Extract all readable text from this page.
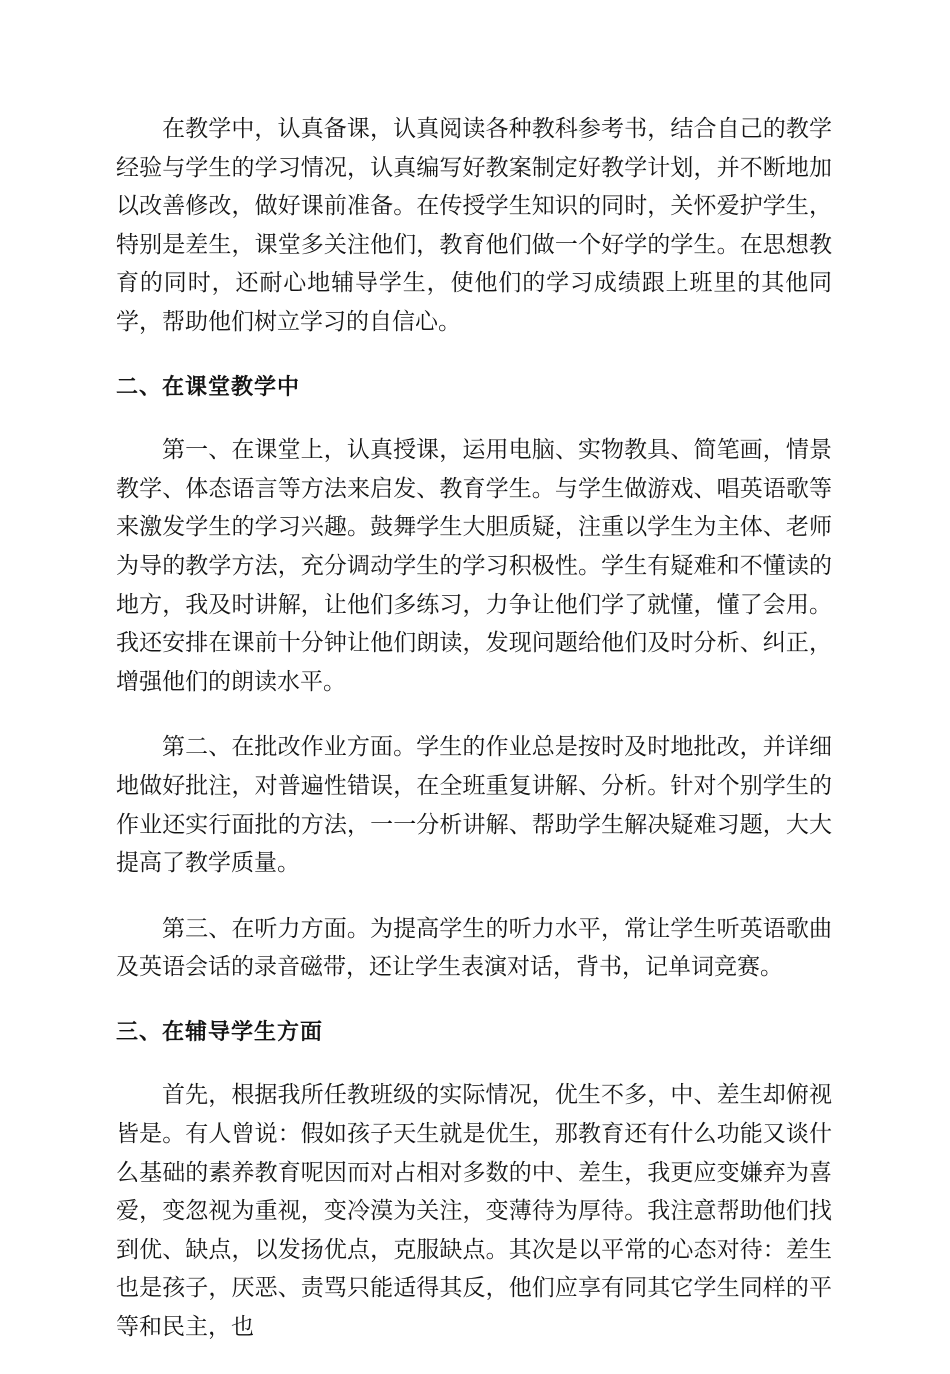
在教学中，认真备课，认真阅读各种教科参考书，结合自己的教学经验与学生的学习情况，认真编写好教案制定好教学计划，并不断地加以改善修改，做好课前准备。在传授学生知识的同时，关怀爱护学生，特别是差生，课堂多关注他们，教育他们做一个好学的学生。在思想教育的同时，还耐心地辅导学生，使他们的学习成绩跟上班里的其他同学，帮助他们树立学习的自信心。

二、在课堂教学中

第一、在课堂上，认真授课，运用电脑、实物教具、简笔画，情景教学、体态语言等方法来启发、教育学生。与学生做游戏、唱英语歌等来激发学生的学习兴趣。鼓舞学生大胆质疑，注重以学生为主体、老师为导的教学方法，充分调动学生的学习积极性。学生有疑难和不懂读的地方，我及时讲解，让他们多练习，力争让他们学了就懂，懂了会用。我还安排在课前十分钟让他们朗读，发现问题给他们及时分析、纠正，增强他们的朗读水平。

第二、在批改作业方面。学生的作业总是按时及时地批改，并详细地做好批注，对普遍性错误，在全班重复讲解、分析。针对个别学生的作业还实行面批的方法，一一分析讲解、帮助学生解决疑难习题，大大提高了教学质量。

第三、在听力方面。为提高学生的听力水平，常让学生听英语歌曲及英语会话的录音磁带，还让学生表演对话，背书，记单词竞赛。

三、在辅导学生方面

首先，根据我所任教班级的实际情况，优生不多，中、差生却俯视皆是。有人曾说：假如孩子天生就是优生，那教育还有什么功能又谈什么基础的素养教育呢因而对占相对多数的中、差生，我更应变嫌弃为喜爱，变忽视为重视，变冷漠为关注，变薄待为厚待。我注意帮助他们找到优、缺点，以发扬优点，克服缺点。其次是以平常的心态对待：差生也是孩子，厌恶、责骂只能适得其反，他们应享有同其它学生同样的平等和民主，也
